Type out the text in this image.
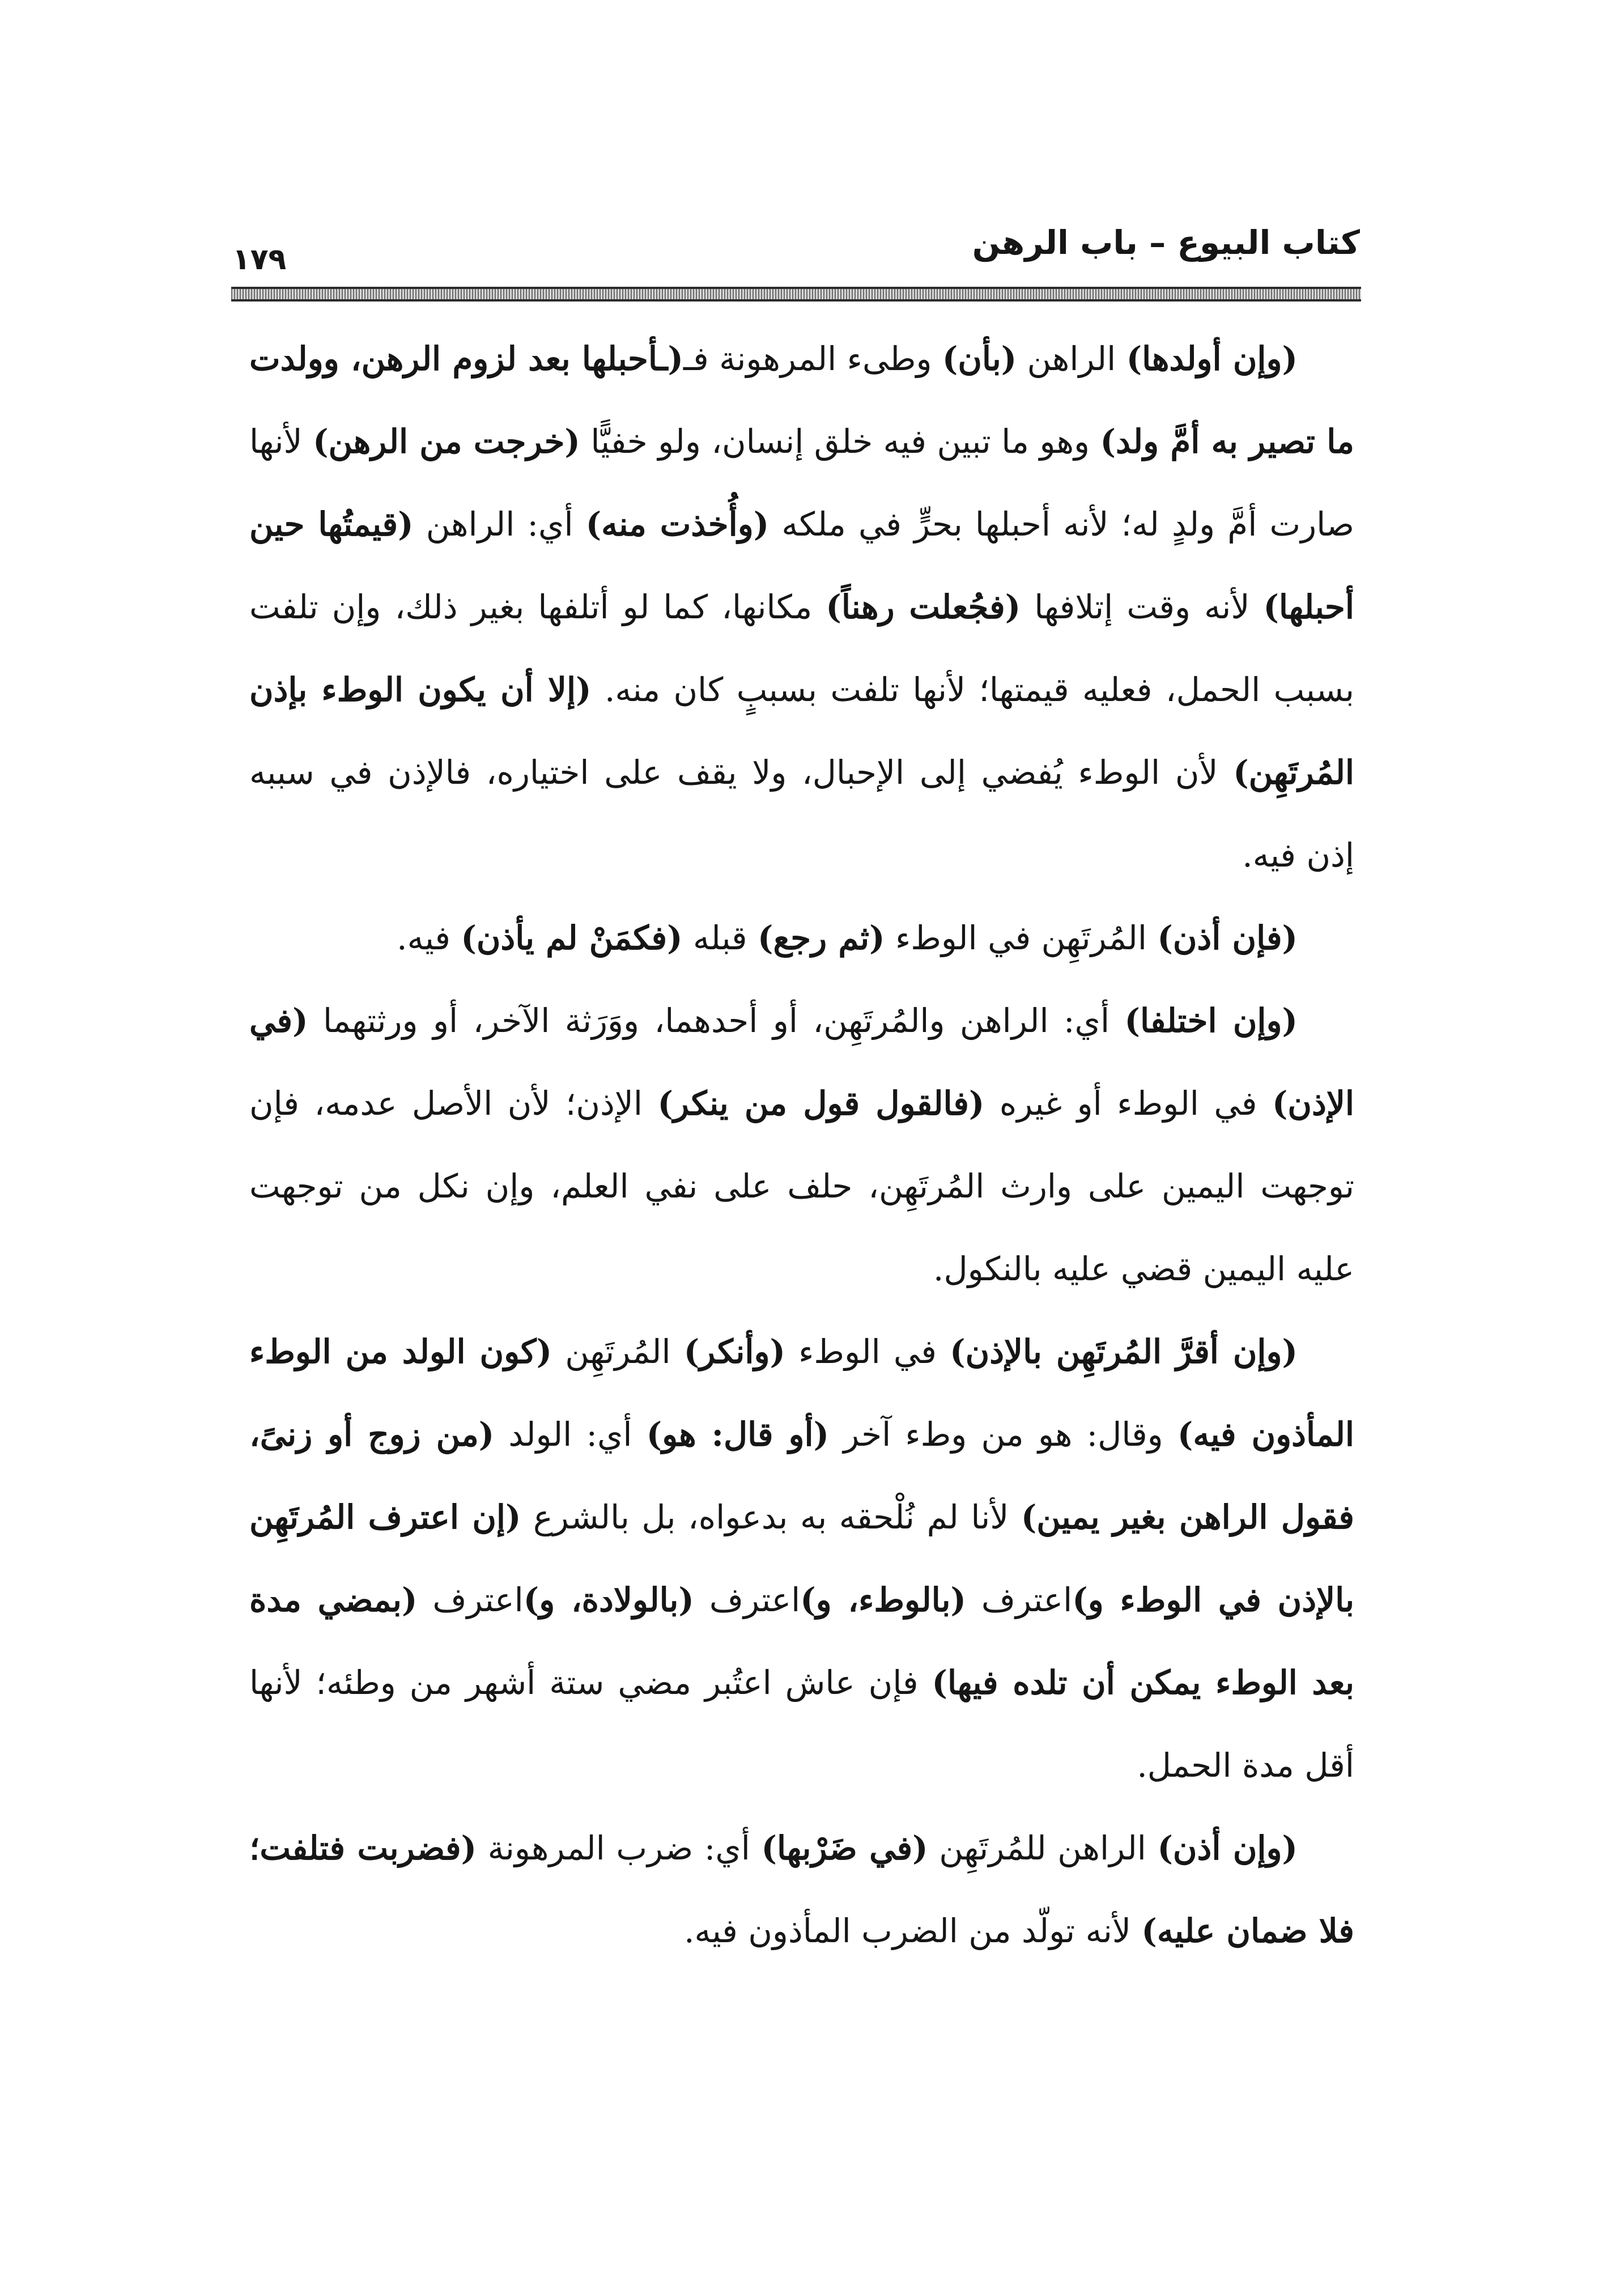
كتاب البيوع – باب الرهن
١٧٩

(وإن أولدها) الراهن (بأن) وطىء المرهونة فـ(ـأحبلها بعد لزوم الرهن، وولدت ما تصير به أمَّ ولد) وهو ما تبين فيه خلق إنسان، ولو خفيًّا (خرجت من الرهن) لأنها صارت أمَّ ولدٍ له؛ لأنه أحبلها بحرٍّ في ملكه (وأُخذت منه) أي: الراهن (قيمتُها حين أحبلها) لأنه وقت إتلافها (فجُعلت رهناً) مكانها، كما لو أتلفها بغير ذلك، وإن تلفت بسبب الحمل، فعليه قيمتها؛ لأنها تلفت بسببٍ كان منه. (إلا أن يكون الوطء بإذن المُرتَهِن) لأن الوطء يُفضي إلى الإحبال، ولا يقف على اختياره، فالإذن في سببه إذن فيه.

(فإن أذن) المُرتَهِن في الوطء (ثم رجع) قبله (فكمَنْ لم يأذن) فيه.

(وإن اختلفا) أي: الراهن والمُرتَهِن، أو أحدهما، ووَرَثة الآخر، أو ورثتهما (في الإذن) في الوطء أو غيره (فالقول قول من ينكر) الإذن؛ لأن الأصل عدمه، فإن توجهت اليمين على وارث المُرتَهِن، حلف على نفي العلم، وإن نكل من توجهت عليه اليمين قضي عليه بالنكول.

(وإن أقرَّ المُرتَهِن بالإذن) في الوطء (وأنكر) المُرتَهِن (كون الولد من الوطء المأذون فيه) وقال: هو من وطء آخر (أو قال: هو) أي: الولد (من زوج أو زنىً، فقول الراهن بغير يمين) لأنا لم نُلْحقه به بدعواه، بل بالشرع (إن اعترف المُرتَهِن بالإذن في الوطء و)اعترف (بالوطء، و)اعترف (بالولادة، و)اعترف (بمضي مدة بعد الوطء يمكن أن تلده فيها) فإن عاش اعتُبر مضي ستة أشهر من وطئه؛ لأنها أقل مدة الحمل.

(وإن أذن) الراهن للمُرتَهِن (في ضَرْبها) أي: ضرب المرهونة (فضربت فتلفت؛ فلا ضمان عليه) لأنه تولّد من الضرب المأذون فيه.
